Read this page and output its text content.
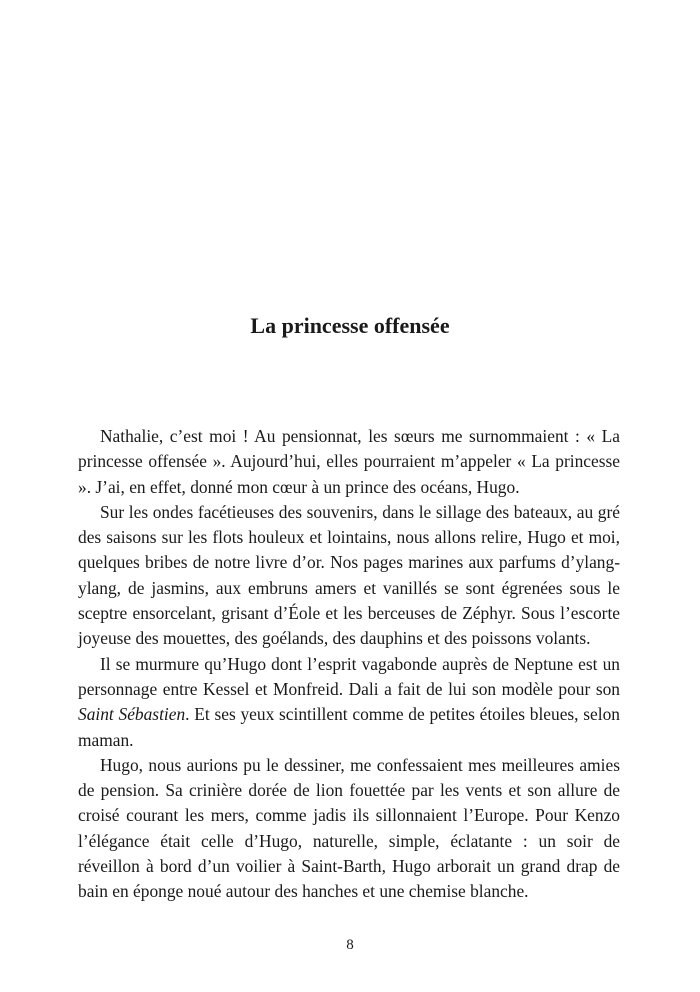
La princesse offensée

Nathalie, c’est moi ! Au pensionnat, les sœurs me surnommaient : « La princesse offensée ». Aujourd’hui, elles pourraient m’appeler « La princesse ». J’ai, en effet, donné mon cœur à un prince des océans, Hugo.

Sur les ondes facétieuses des souvenirs, dans le sillage des bateaux, au gré des saisons sur les flots houleux et lointains, nous allons relire, Hugo et moi, quelques bribes de notre livre d’or. Nos pages marines aux parfums d’ylang-ylang, de jasmins, aux embruns amers et vanillés se sont égrenées sous le sceptre ensorcelant, grisant d’Éole et les berceuses de Zéphyr. Sous l’escorte joyeuse des mouettes, des goélands, des dauphins et des poissons volants.

Il se murmure qu’Hugo dont l’esprit vagabonde auprès de Neptune est un personnage entre Kessel et Monfreid. Dali a fait de lui son modèle pour son Saint Sébastien. Et ses yeux scintillent comme de petites étoiles bleues, selon maman.

Hugo, nous aurions pu le dessiner, me confessaient mes meilleures amies de pension. Sa crinière dorée de lion fouettée par les vents et son allure de croisé courant les mers, comme jadis ils sillonnaient l’Europe. Pour Kenzo l’élégance était celle d’Hugo, naturelle, simple, éclatante : un soir de réveillon à bord d’un voilier à Saint-Barth, Hugo arborait un grand drap de bain en éponge noué autour des hanches et une chemise blanche.

8
